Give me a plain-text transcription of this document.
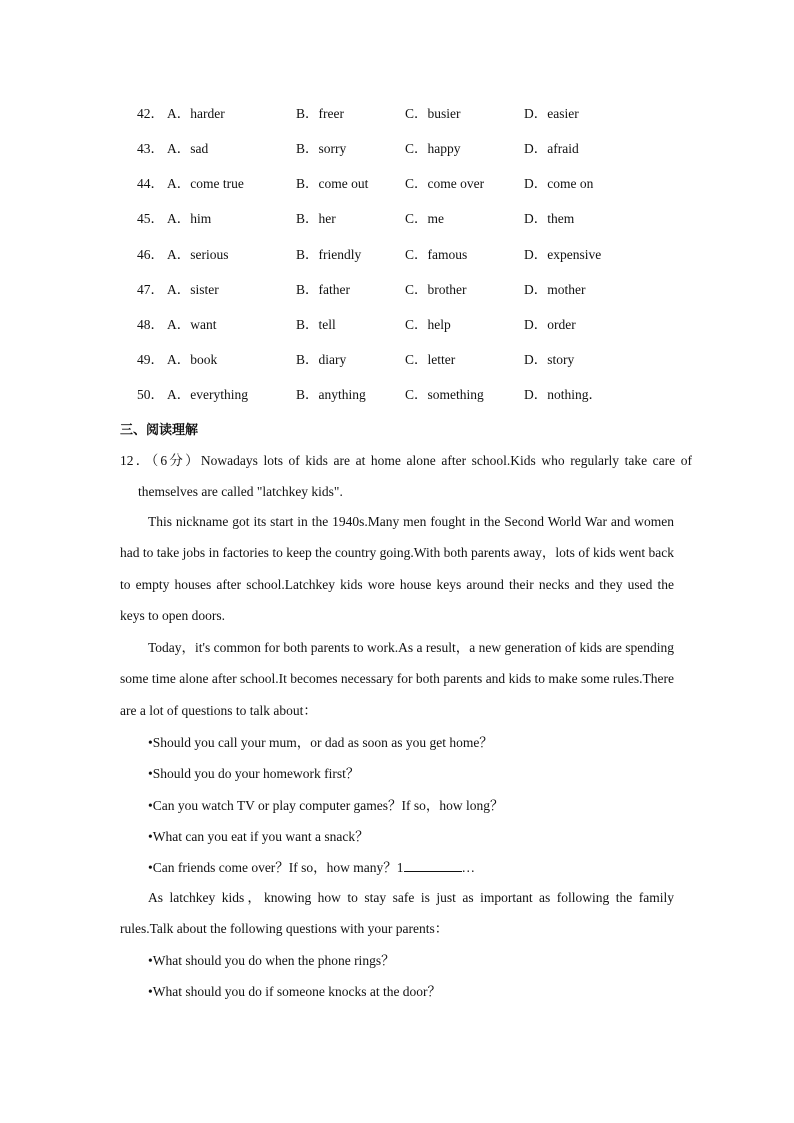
42． A．harder	B．freer	C．busier	D．easier
43． A．sad	B．sorry	C．happy	D．afraid
44． A．come true	B．come out	C．come over	D．come on
45． A．him	B．her	C．me	D．them
46． A．serious	B．friendly	C．famous	D．expensive
47． A．sister	B．father	C．brother	D．mother
48． A．want	B．tell	C．help	D．order
49． A．book	B．diary	C．letter	D．story
50． A．everything	B．anything	C．something	D．nothing．
三、阅读理解
12．（6分）Nowadays lots of kids are at home alone after school.Kids who regularly take care of themselves are called "latchkey kids".
This nickname got its start in the 1940s.Many men fought in the Second World War and women had to take jobs in factories to keep the country going.With both parents away，lots of kids went back to empty houses after school.Latchkey kids wore house keys around their necks and they used the keys to open doors.
Today，it's common for both parents to work.As a result，a new generation of kids are spending some time alone after school.It becomes necessary for both parents and kids to make some rules.There are a lot of questions to talk about：
•Should you call your mum，or dad as soon as you get home？
•Should you do your homework first？
•Can you watch TV or play computer games？If so，how long？
•What can you eat if you want a snack？
•Can friends come over？If so，how many？1	…
As latchkey kids，knowing how to stay safe is just as important as following the family rules.Talk about the following questions with your parents：
•What should you do when the phone rings？
•What should you do if someone knocks at the door？
